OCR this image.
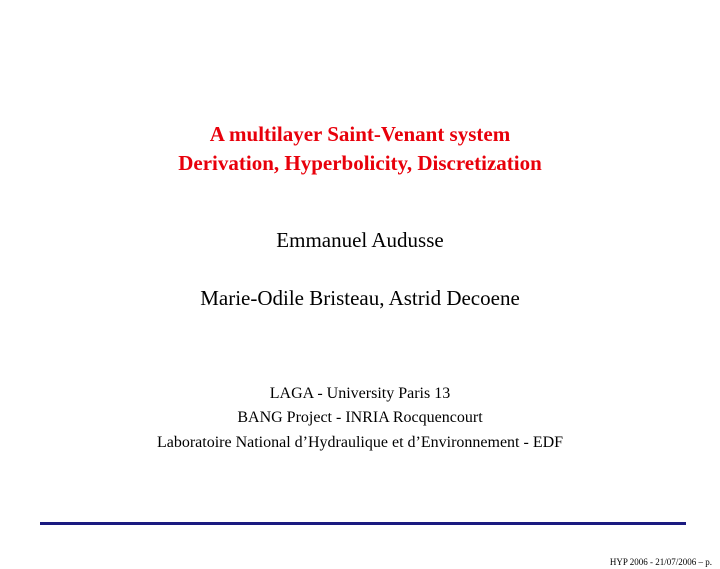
A multilayer Saint-Venant system
Derivation, Hyperbolicity, Discretization
Emmanuel Audusse
Marie-Odile Bristeau, Astrid Decoene
LAGA - University Paris 13
BANG Project - INRIA Rocquencourt
Laboratoire National d’Hydraulique et d’Environnement - EDF
HYP 2006 - 21/07/2006 – p.
